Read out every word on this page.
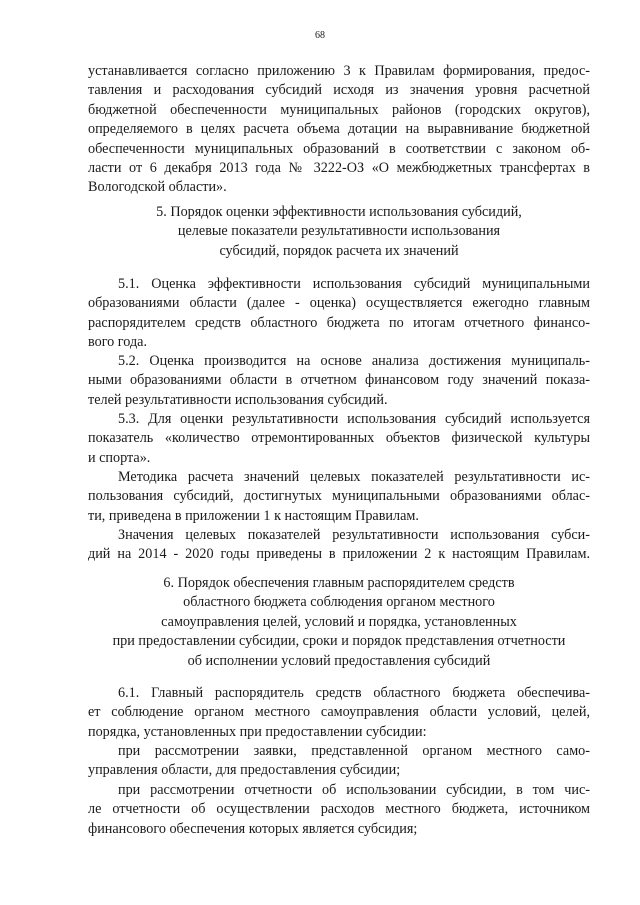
68
устанавливается согласно приложению 3 к Правилам формирования, предос-
тавления и расходования субсидий исходя из значения уровня расчетной
бюджетной обеспеченности муниципальных районов (городских округов),
определяемого в целях расчета объема дотации на выравнивание бюджетной
обеспеченности муниципальных образований в соответствии с законом об-
ласти от 6 декабря 2013 года № 3222-ОЗ «О межбюджетных трансфертах в
Вологодской области».
5. Порядок оценки эффективности использования субсидий,
целевые показатели результативности использования
субсидий, порядок расчета их значений
5.1. Оценка эффективности использования субсидий муниципальными
образованиями области (далее - оценка) осуществляется ежегодно главным
распорядителем средств областного бюджета по итогам отчетного финансо-
вого года.
5.2. Оценка производится на основе анализа достижения муниципаль-
ными образованиями области в отчетном финансовом году значений показа-
телей результативности использования субсидий.
5.3. Для оценки результативности использования субсидий используется
показатель «количество отремонтированных объектов физической культуры
и спорта».
Методика расчета значений целевых показателей результативности ис-
пользования субсидий, достигнутых муниципальными образованиями облас-
ти, приведена в приложении 1 к настоящим Правилам.
Значения целевых показателей результативности использования субси-
дий на 2014 - 2020 годы приведены в приложении 2 к настоящим Правилам.
6. Порядок обеспечения главным распорядителем средств
областного бюджета соблюдения органом местного
самоуправления целей, условий и порядка, установленных
при предоставлении субсидии, сроки и порядок представления отчетности
об исполнении условий предоставления субсидий
6.1. Главный распорядитель средств областного бюджета обеспечива-
ет соблюдение органом местного самоуправления области условий, целей,
порядка, установленных при предоставлении субсидии:
при рассмотрении заявки, представленной органом местного само-
управления области, для предоставления субсидии;
при рассмотрении отчетности об использовании субсидии, в том чис-
ле отчетности об осуществлении расходов местного бюджета, источником
финансового обеспечения которых является субсидия;
